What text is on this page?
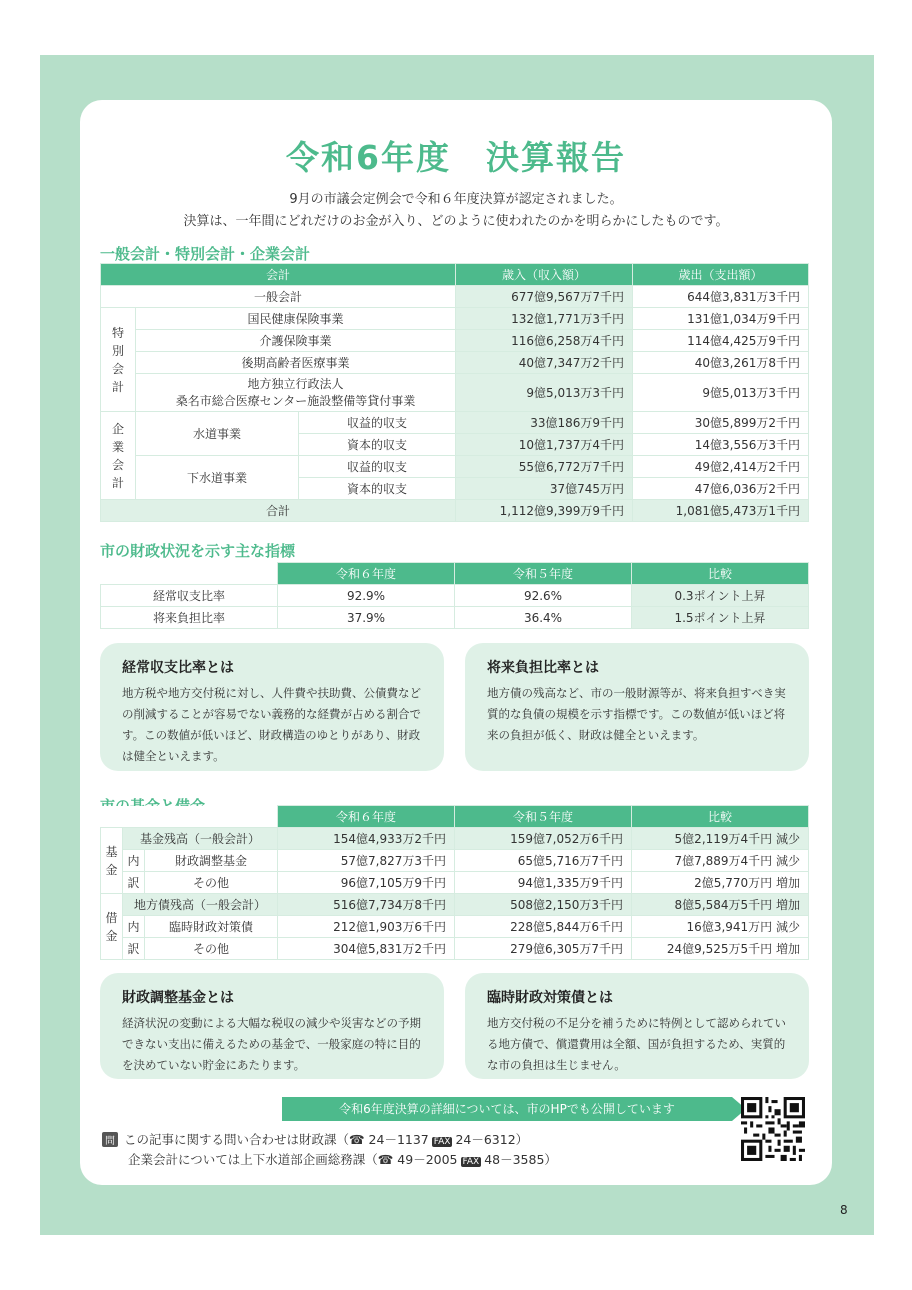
令和6年度　決算報告
9月の市議会定例会で令和６年度決算が認定されました。
決算は、一年間にどれだけのお金が入り、どのように使われたのかを明らかにしたものです。
一般会計・特別会計・企業会計
会計			歳入（収入額）	歳出（支出額）
一般会計			677億9,567万7千円	644億3,831万3千円
特別会計	国民健康保険事業		132億1,771万3千円	131億1,034万9千円
	介護保険事業		116億6,258万4千円	114億4,425万9千円
	後期高齢者医療事業		40億7,347万2千円	40億3,261万8千円

	地方独立行政法人
桑名市総合医療センター施設整備等貸付事業		9億5,013万3千円	9億5,013万3千円
企業会計	水道事業	収益的収支	33億186万9千円	30億5,899万2千円
		資本的収支	10億1,737万4千円	14億3,556万3千円
	下水道事業	収益的収支	55億6,772万7千円	49億2,414万2千円
		資本的収支	37億745万円	47億6,036万2千円
合計			1,112億9,399万9千円	1,081億5,473万1千円
市の財政状況を示す主な指標
	令和６年度	令和５年度	比較
経常収支比率	92.9%	92.6%	0.3ポイント上昇
将来負担比率	37.9%	36.4%	1.5ポイント上昇
経常収支比率とは
地方税や地方交付税に対し、人件費や扶助費、公債費などの削減することが容易でない義務的な経費が占める割合です。この数値が低いほど、財政構造のゆとりがあり、財政は健全といえます。
将来負担比率とは
地方債の残高など、市の一般財源等が、将来負担すべき実質的な負債の規模を示す指標です。この数値が低いほど将来の負担が低く、財政は健全といえます。
			令和６年度	令和５年度	比較
基金	基金残高（一般会計）		154億4,933万2千円	159億7,052万6千円	5億2,119万4千円 減少
	内	財政調整基金	57億7,827万3千円	65億5,716万7千円	7億7,889万4千円 減少
	訳	その他	96億7,105万9千円	94億1,335万9千円	2億5,770万円 増加
借金	地方債残高（一般会計）		516億7,734万8千円	508億2,150万3千円	8億5,584万5千円 増加
	内	臨時財政対策債	212億1,903万6千円	228億5,844万6千円	16億3,941万円 減少
	訳	その他	304億5,831万2千円	279億6,305万7千円	24億9,525万5千円 増加
財政調整基金とは
経済状況の変動による大幅な税収の減少や災害などの予期できない支出に備えるための基金で、一般家庭の特に目的を決めていない貯金にあたります。
臨時財政対策債とは
地方交付税の不足分を補うために特例として認められている地方債で、償還費用は全額、国が負担するため、実質的な市の負担は生じません。
令和6年度決算の詳細については、市のHPでも公開しています
問 この記事に関する問い合わせは財政課（☎ 24－1137 FAX 24－6312）
企業会計については上下水道部企画総務課（☎ 49－2005 FAX 48－3585）
8
